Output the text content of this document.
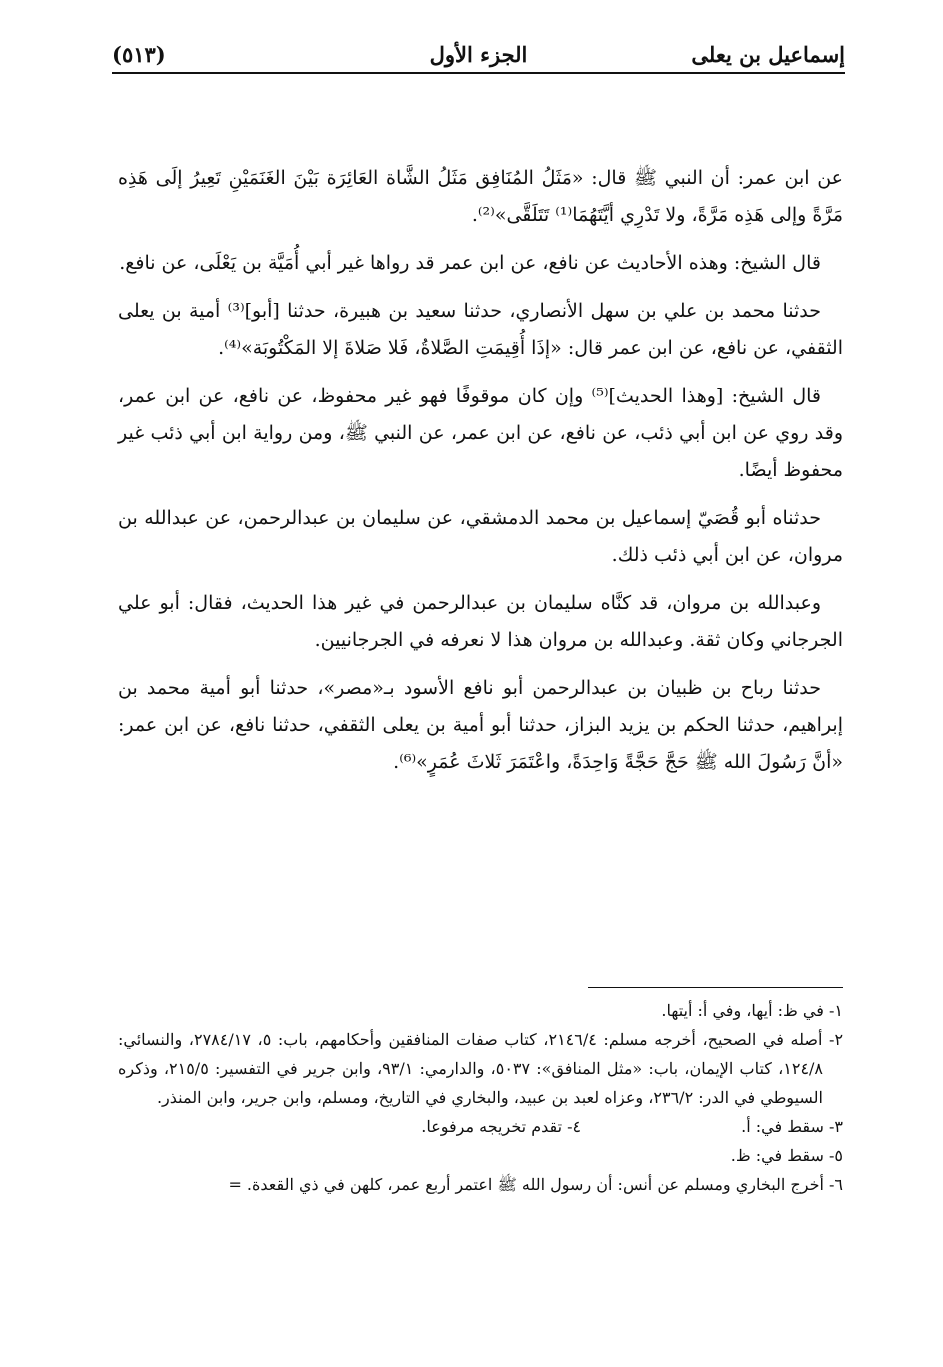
إسماعيل بن يعلى
الجزء الأول
(٥١٣)

عن ابن عمر: أن النبي ﷺ قال: «مَثَلُ المُنَافِق مَثَلُ الشَّاة العَائِرَة بَيْنَ الغَنَمَيْنِ تَعِيرُ إلَى هَذِه مَرَّةً وإلى هَذِه مَرَّةً، ولا تَدْرِي أيَّتَهُمَا⁽¹⁾ تَتَلَقَّى»⁽²⁾.

قال الشيخ: وهذه الأحاديث عن نافع، عن ابن عمر قد رواها غير أبي أُمَيَّة بن يَعْلَى، عن نافع.

حدثنا محمد بن علي بن سهل الأنصاري، حدثنا سعيد بن هبيرة، حدثنا [أبو]⁽³⁾ أمية بن يعلى الثقفي، عن نافع، عن ابن عمر قال: «إذَا أُقِيمَتِ الصَّلاةُ، فَلا صَلاةَ إلا المَكْتُوبَة»⁽⁴⁾.

قال الشيخ: [وهذا الحديث]⁽⁵⁾ وإن كان موقوفًا فهو غير محفوظ، عن نافع، عن ابن عمر، وقد روي عن ابن أبي ذئب، عن نافع، عن ابن عمر، عن النبي ﷺ، ومن رواية ابن أبي ذئب غير محفوظ أيضًا.

حدثناه أبو قُصَيّ إسماعيل بن محمد الدمشقي، عن سليمان بن عبدالرحمن، عن عبدالله بن مروان، عن ابن أبي ذئب ذلك.

وعبدالله بن مروان، قد كنَّاه سليمان بن عبدالرحمن في غير هذا الحديث، فقال: أبو علي الجرجاني وكان ثقة. وعبدالله بن مروان هذا لا نعرفه في الجرجانيين.

حدثنا رباح بن ظبيان بن عبدالرحمن أبو نافع الأسود بـ«مصر»، حدثنا أبو أمية محمد بن إبراهيم، حدثنا الحكم بن يزيد البزاز، حدثنا أبو أمية بن يعلى الثقفي، حدثنا نافع، عن ابن عمر: «أنَّ رَسُولَ الله ﷺ حَجَّ حَجَّةً وَاحِدَةً، واعْتَمَرَ ثَلاثَ عُمَرٍ»⁽⁶⁾.

١- في ظ: أيها، وفي أ: أيتها.

٢- أصله في الصحيح، أخرجه مسلم: ٢١٤٦/٤، كتاب صفات المنافقين وأحكامهم، باب: ٥، ٢٧٨٤/١٧، والنسائي: ١٢٤/٨، كتاب الإيمان، باب: «مثل المنافق»: ٥٠٣٧، والدارمي: ٩٣/١، وابن جرير في التفسير: ٢١٥/٥، وذكره السيوطي في الدر: ٢٣٦/٢، وعزاه لعبد بن عبيد، والبخاري في التاريخ، ومسلم، وابن جرير، وابن المنذر.

٣- سقط في: أ.

٤- تقدم تخريجه مرفوعا.

٥- سقط في: ظ.

٦- أخرج البخاري ومسلم عن أنس: أن رسول الله ﷺ اعتمر أربع عمر، كلهن في ذي القعدة. =
